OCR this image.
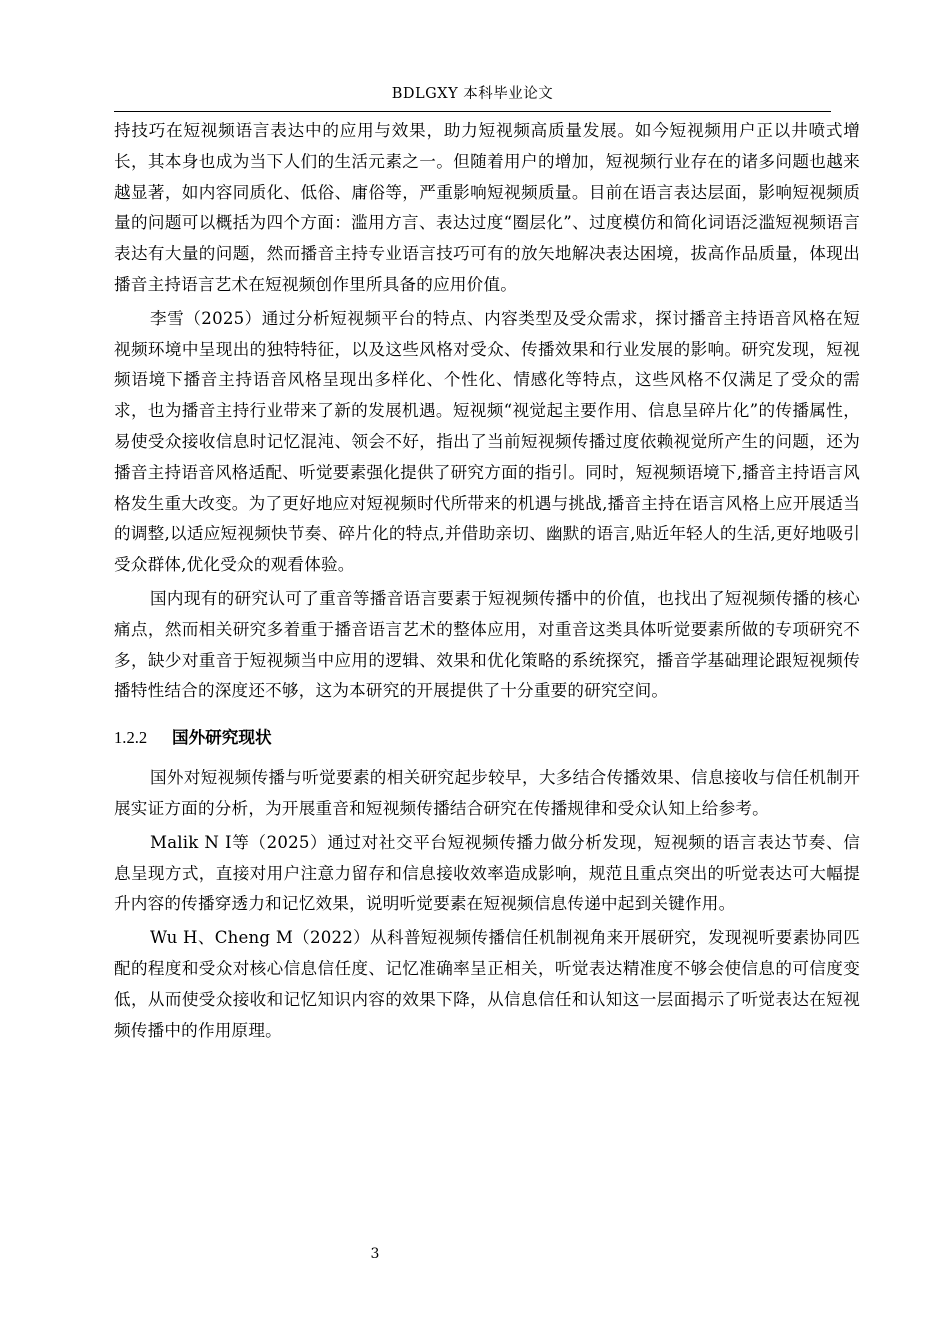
BDLGXY 本科毕业论文

持技巧在短视频语言表达中的应用与效果，助力短视频高质量发展。如今短视频用户正以井喷式增长，其本身也成为当下人们的生活元素之一。但随着用户的增加，短视频行业存在的诸多问题也越来越显著，如内容同质化、低俗、庸俗等，严重影响短视频质量。目前在语言表达层面，影响短视频质量的问题可以概括为四个方面：滥用方言、表达过度“圈层化”、过度模仿和简化词语泛滥短视频语言表达有大量的问题，然而播音主持专业语言技巧可有的放矢地解决表达困境，拔高作品质量，体现出播音主持语言艺术在短视频创作里所具备的应用价值。

李雪（2025）通过分析短视频平台的特点、内容类型及受众需求，探讨播音主持语音风格在短视频环境中呈现出的独特特征，以及这些风格对受众、传播效果和行业发展的影响。研究发现，短视频语境下播音主持语音风格呈现出多样化、个性化、情感化等特点，这些风格不仅满足了受众的需求，也为播音主持行业带来了新的发展机遇。短视频“视觉起主要作用、信息呈碎片化”的传播属性，易使受众接收信息时记忆混沌、领会不好，指出了当前短视频传播过度依赖视觉所产生的问题，还为播音主持语音风格适配、听觉要素强化提供了研究方面的指引。同时，短视频语境下,播音主持语言风格发生重大改变。为了更好地应对短视频时代所带来的机遇与挑战,播音主持在语言风格上应开展适当的调整,以适应短视频快节奏、碎片化的特点,并借助亲切、幽默的语言,贴近年轻人的生活,更好地吸引受众群体,优化受众的观看体验。

国内现有的研究认可了重音等播音语言要素于短视频传播中的价值，也找出了短视频传播的核心痛点，然而相关研究多着重于播音语言艺术的整体应用，对重音这类具体听觉要素所做的专项研究不多，缺少对重音于短视频当中应用的逻辑、效果和优化策略的系统探究，播音学基础理论跟短视频传播特性结合的深度还不够，这为本研究的开展提供了十分重要的研究空间。

1.2.2	国外研究现状

国外对短视频传播与听觉要素的相关研究起步较早，大多结合传播效果、信息接收与信任机制开展实证方面的分析，为开展重音和短视频传播结合研究在传播规律和受众认知上给参考。

Malik N I等（2025）通过对社交平台短视频传播力做分析发现，短视频的语言表达节奏、信息呈现方式，直接对用户注意力留存和信息接收效率造成影响，规范且重点突出的听觉表达可大幅提升内容的传播穿透力和记忆效果，说明听觉要素在短视频信息传递中起到关键作用。

Wu H、Cheng M（2022）从科普短视频传播信任机制视角来开展研究，发现视听要素协同匹配的程度和受众对核心信息信任度、记忆准确率呈正相关，听觉表达精准度不够会使信息的可信度变低，从而使受众接收和记忆知识内容的效果下降，从信息信任和认知这一层面揭示了听觉表达在短视频传播中的作用原理。

3
